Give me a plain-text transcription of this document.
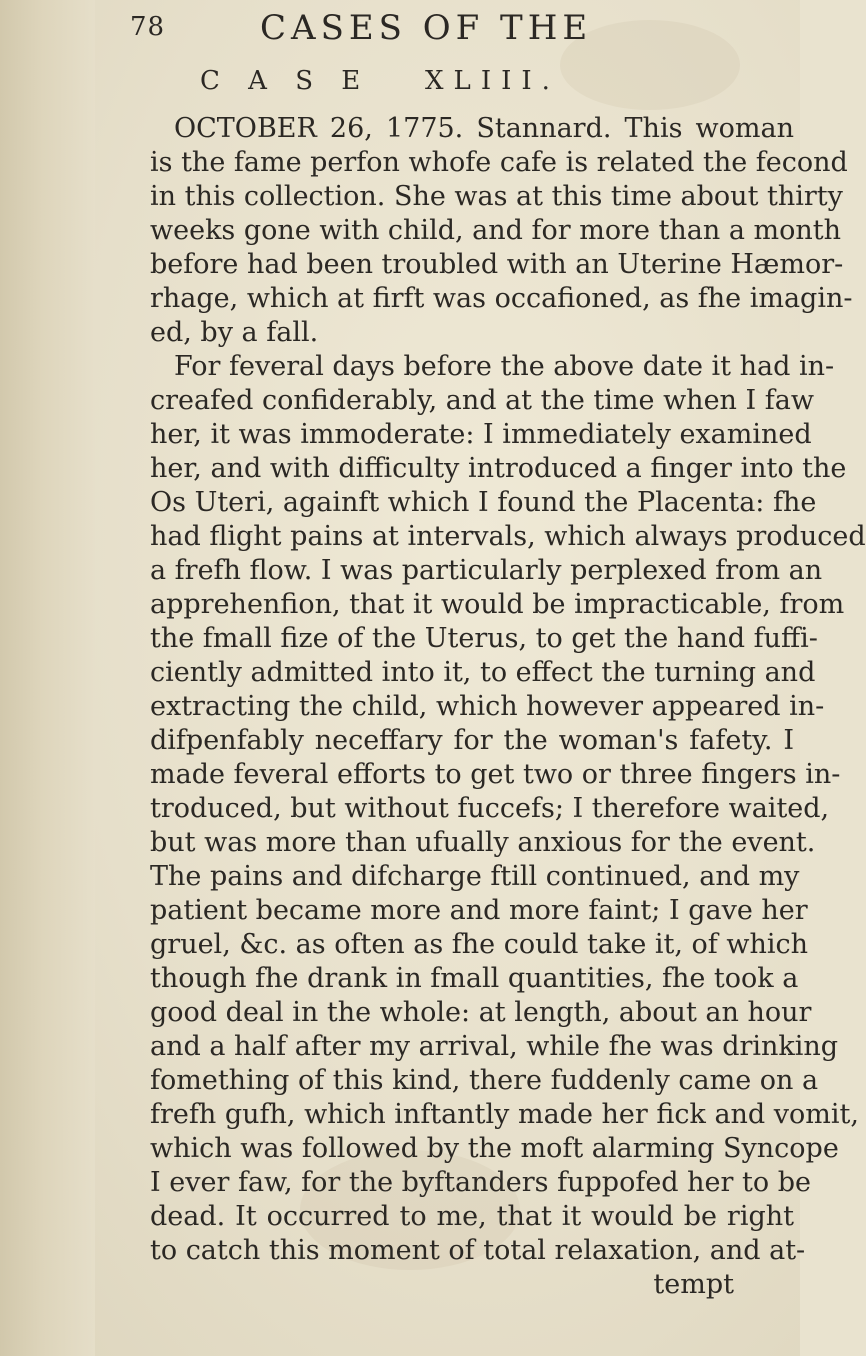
78	CASES OF THE
C A S E   XLIII.
OCTOBER 26, 1775. Stannard. This woman
is the fame perfon whofe cafe is related the fecond
in this collection. She was at this time about thirty
weeks gone with child, and for more than a month
before had been troubled with an Uterine Hæmor-
rhage, which at firft was occafioned, as fhe imagin-
ed, by a fall.
For feveral days before the above date it had in-
creafed confiderably, and at the time when I faw
her, it was immoderate: I immediately examined
her, and with difficulty introduced a finger into the
Os Uteri, againft which I found the Placenta: fhe
had flight pains at intervals, which always produced
a frefh flow. I was particularly perplexed from an
apprehenfion, that it would be impracticable, from
the fmall fize of the Uterus, to get the hand fuffi-
ciently admitted into it, to effect the turning and
extracting the child, which however appeared in-
difpenfably neceffary for the woman's fafety. I
made feveral efforts to get two or three fingers in-
troduced, but without fuccefs; I therefore waited,
but was more than ufually anxious for the event.
The pains and difcharge ftill continued, and my
patient became more and more faint; I gave her
gruel, &c. as often as fhe could take it, of which
though fhe drank in fmall quantities, fhe took a
good deal in the whole: at length, about an hour
and a half after my arrival, while fhe was drinking
fomething of this kind, there fuddenly came on a
frefh gufh, which inftantly made her fick and vomit,
which was followed by the moft alarming Syncope
I ever faw, for the byftanders fuppofed her to be
dead. It occurred to me, that it would be right
to catch this moment of total relaxation, and at-
tempt
